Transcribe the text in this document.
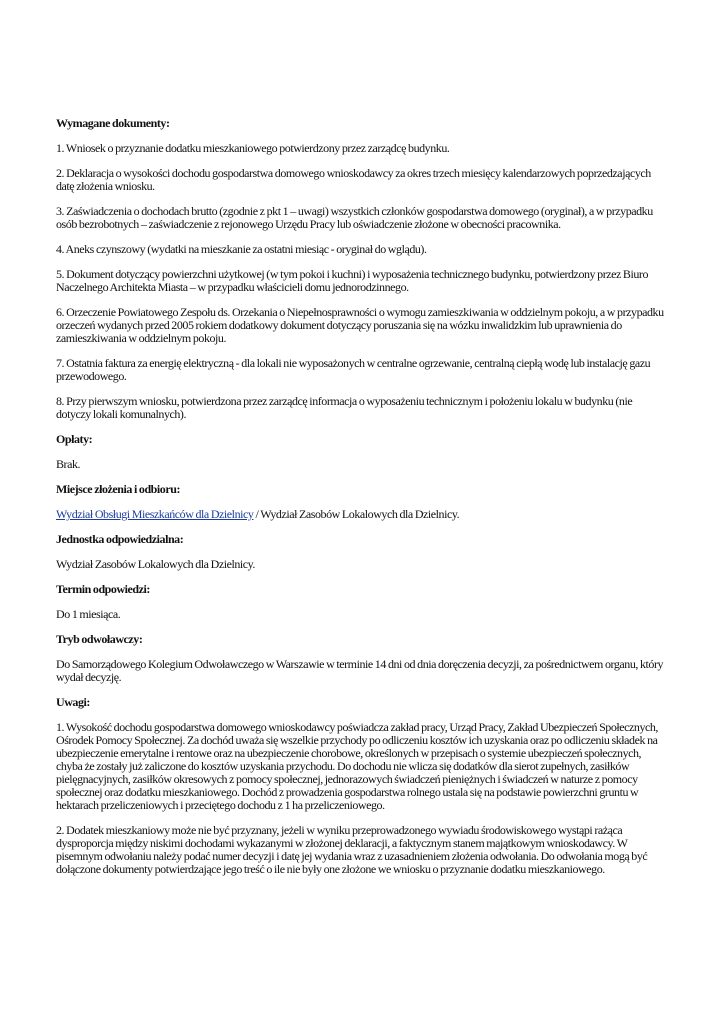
Wymagane dokumenty:

1. Wniosek o przyznanie dodatku mieszkaniowego potwierdzony przez zarządcę budynku.

2. Deklaracja o wysokości dochodu gospodarstwa domowego wnioskodawcy za okres trzech miesięcy kalendarzowych poprzedzających datę złożenia wniosku.

3. Zaświadczenia o dochodach brutto (zgodnie z pkt 1 – uwagi) wszystkich członków gospodarstwa domowego (oryginał), a w przypadku osób bezrobotnych – zaświadczenie z rejonowego Urzędu Pracy lub oświadczenie złożone w obecności pracownika.

4. Aneks czynszowy (wydatki na mieszkanie za ostatni miesiąc - oryginał do wglądu).

5. Dokument dotyczący powierzchni użytkowej (w tym pokoi i kuchni) i wyposażenia technicznego budynku, potwierdzony przez Biuro Naczelnego Architekta Miasta – w przypadku właścicieli domu jednorodzinnego.

6. Orzeczenie Powiatowego Zespołu ds. Orzekania o Niepełnosprawności o wymogu zamieszkiwania w oddzielnym pokoju, a w przypadku orzeczeń wydanych przed 2005 rokiem dodatkowy dokument dotyczący poruszania się na wózku inwalidzkim lub uprawnienia do zamieszkiwania w oddzielnym pokoju.

7. Ostatnia faktura za energię elektryczną - dla lokali nie wyposażonych w centralne ogrzewanie, centralną ciepłą wodę lub instalację gazu przewodowego.

8. Przy pierwszym wniosku, potwierdzona przez zarządcę informacja o wyposażeniu technicznym i położeniu lokalu w budynku (nie dotyczy lokali komunalnych).

Opłaty:

Brak.

Miejsce złożenia i odbioru:

Wydział Obsługi Mieszkańców dla Dzielnicy / Wydział Zasobów Lokalowych dla Dzielnicy.

Jednostka odpowiedzialna:

Wydział Zasobów Lokalowych dla Dzielnicy.

Termin odpowiedzi:

Do 1 miesiąca.

Tryb odwoławczy:

Do Samorządowego Kolegium Odwoławczego w Warszawie w terminie 14 dni od dnia doręczenia decyzji, za pośrednictwem organu, który wydał decyzję.

Uwagi:

1. Wysokość dochodu gospodarstwa domowego wnioskodawcy poświadcza zakład pracy, Urząd Pracy, Zakład Ubezpieczeń Społecznych, Ośrodek Pomocy Społecznej. Za dochód uważa się wszelkie przychody po odliczeniu kosztów ich uzyskania oraz po odliczeniu składek na ubezpieczenie emerytalne i rentowe oraz na ubezpieczenie chorobowe, określonych w przepisach o systemie ubezpieczeń społecznych, chyba że zostały już zaliczone do kosztów uzyskania przychodu. Do dochodu nie wlicza się dodatków dla sierot zupełnych, zasiłków pielęgnacyjnych, zasiłków okresowych z pomocy społecznej, jednorazowych świadczeń pieniężnych i świadczeń w naturze z pomocy społecznej oraz dodatku mieszkaniowego. Dochód z prowadzenia gospodarstwa rolnego ustala się na podstawie powierzchni gruntu w hektarach przeliczeniowych i przeciętego dochodu z 1 ha przeliczeniowego.

2. Dodatek mieszkaniowy może nie być przyznany, jeżeli w wyniku przeprowadzonego wywiadu środowiskowego wystąpi rażąca dysproporcja między niskimi dochodami wykazanymi w złożonej deklaracji, a faktycznym stanem majątkowym wnioskodawcy. W pisemnym odwołaniu należy podać numer decyzji i datę jej wydania wraz z uzasadnieniem złożenia odwołania. Do odwołania mogą być dołączone dokumenty potwierdzające jego treść o ile nie były one złożone we wniosku o przyznanie dodatku mieszkaniowego.
